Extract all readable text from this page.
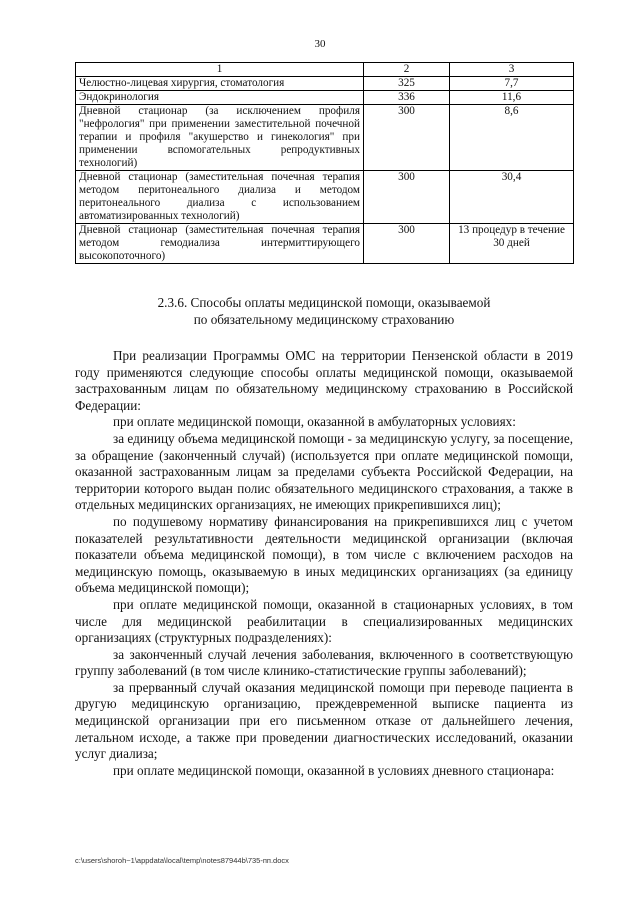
30
1	2	3
Челюстно-лицевая хирургия, стоматология	325	7,7
Эндокринология	336	11,6
Дневной стационар (за исключением профиля "нефрология" при применении заместительной почечной терапии и профиля "акушерство и гинекология" при применении вспомогательных репродуктивных технологий)	300	8,6
Дневной стационар (заместительная почечная терапия методом перитонеального диализа и методом перитонеального диализа с использованием автоматизированных технологий)	300	30,4
Дневной стационар (заместительная почечная терапия методом гемодиализа интермиттирующего высокопоточного)	300	13 процедур в течение 30 дней
2.3.6. Способы оплаты медицинской помощи, оказываемой
по обязательному медицинскому страхованию

При реализации Программы ОМС на территории Пензенской области в 2019 году применяются следующие способы оплаты медицинской помощи, оказываемой застрахованным лицам по обязательному медицинскому страхованию в Российской Федерации:

при оплате медицинской помощи, оказанной в амбулаторных условиях:

за единицу объема медицинской помощи - за медицинскую услугу, за посещение, за обращение (законченный случай) (используется при оплате медицинской помощи, оказанной застрахованным лицам за пределами субъекта Российской Федерации, на территории которого выдан полис обязательного медицинского страхования, а также в отдельных медицинских организациях, не имеющих прикрепившихся лиц);

по подушевому нормативу финансирования на прикрепившихся лиц с учетом показателей результативности деятельности медицинской организации (включая показатели объема медицинской помощи), в том числе с включением расходов на медицинскую помощь, оказываемую в иных медицинских организациях (за единицу объема медицинской помощи);

при оплате медицинской помощи, оказанной в стационарных условиях, в том числе для медицинской реабилитации в специализированных медицинских организациях (структурных подразделениях):

за законченный случай лечения заболевания, включенного в соответствующую группу заболеваний (в том числе клинико-статистические группы заболеваний);

за прерванный случай оказания медицинской помощи при переводе пациента в другую медицинскую организацию, преждевременной выписке пациента из медицинской организации при его письменном отказе от дальнейшего лечения, летальном исходе, а также при проведении диагностических исследований, оказании услуг диализа;

при оплате медицинской помощи, оказанной в условиях дневного стационара:

c:\users\shoroh~1\appdata\local\temp\notes87944b\735-пп.docx
